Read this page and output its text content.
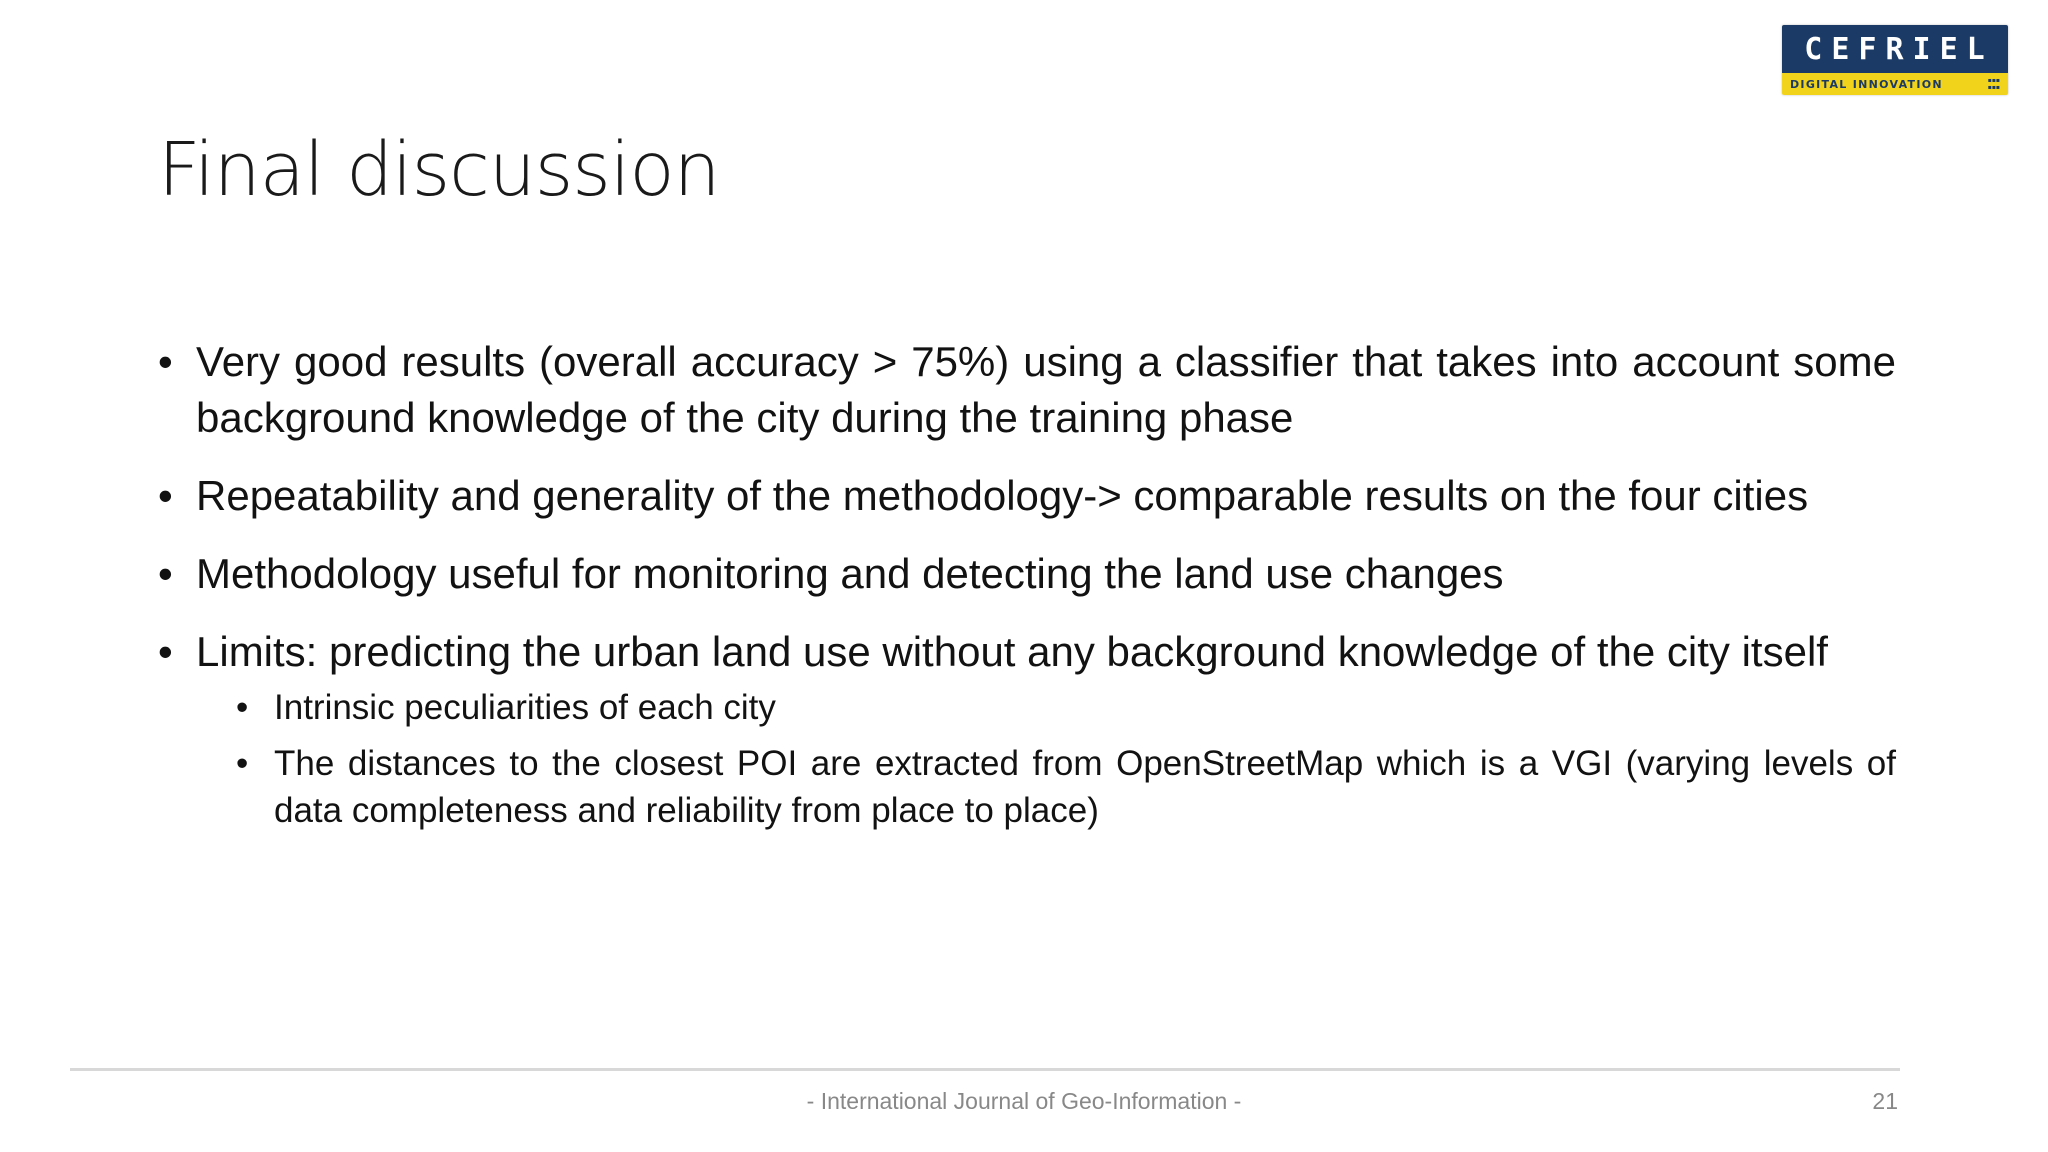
CEFRIEL
DIGITAL INNOVATION	▪▪▪
▪▪▪
Final discussion
• Very good results (overall accuracy > 75%) using a classifier that takes into account some background knowledge of the city during the training phase
• Repeatability and generality of the methodology-> comparable results on the four cities
• Methodology useful for monitoring and detecting the land use changes
• Limits: predicting the urban land use without any background knowledge of the city itself
• Intrinsic peculiarities of each city
• The distances to the closest POI are extracted from OpenStreetMap which is a VGI (varying levels of data completeness and reliability from place to place)
- International Journal of Geo-Information -	21
